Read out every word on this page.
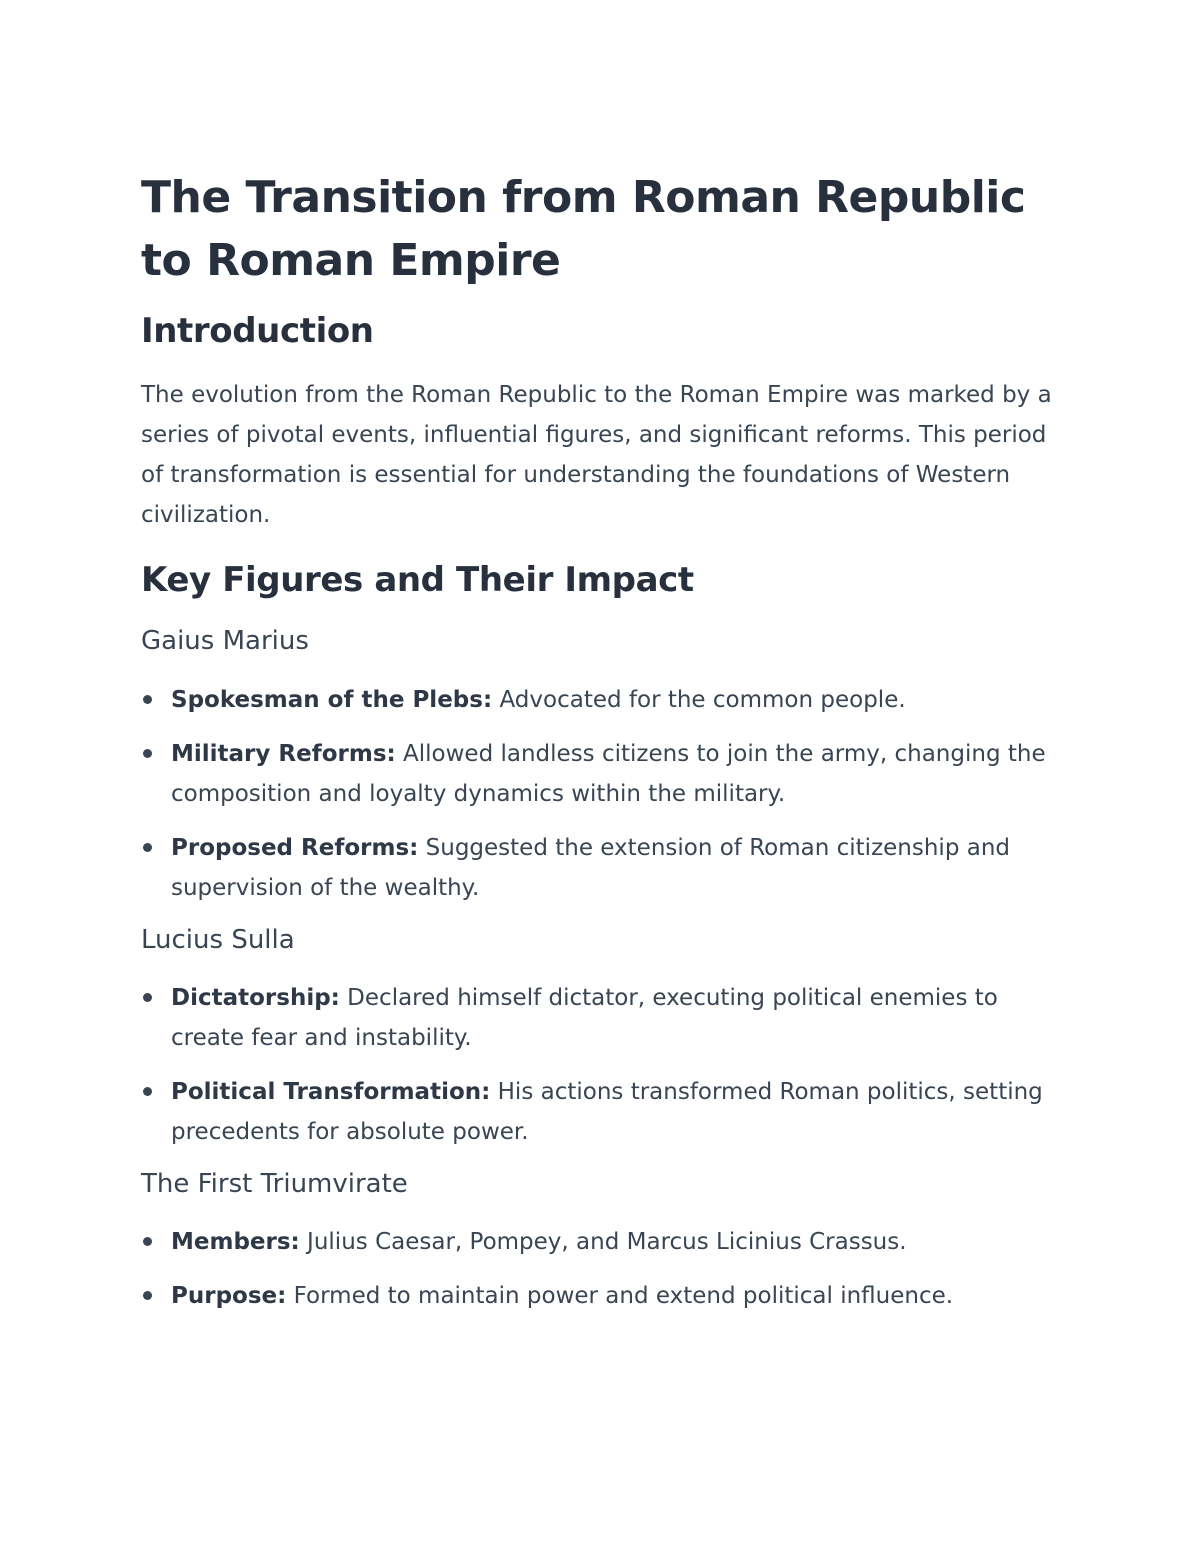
The Transition from Roman Republic to Roman Empire
Introduction

The evolution from the Roman Republic to the Roman Empire was marked by a series of pivotal events, influential figures, and significant reforms. This period of transformation is essential for understanding the foundations of Western civilization.

Key Figures and Their Impact
Gaius Marius
Spokesman of the Plebs: Advocated for the common people.
Military Reforms: Allowed landless citizens to join the army, changing the composition and loyalty dynamics within the military.
Proposed Reforms: Suggested the extension of Roman citizenship and supervision of the wealthy.
Lucius Sulla
Dictatorship: Declared himself dictator, executing political enemies to create fear and instability.
Political Transformation: His actions transformed Roman politics, setting precedents for absolute power.
The First Triumvirate
Members: Julius Caesar, Pompey, and Marcus Licinius Crassus.
Purpose: Formed to maintain power and extend political influence.
